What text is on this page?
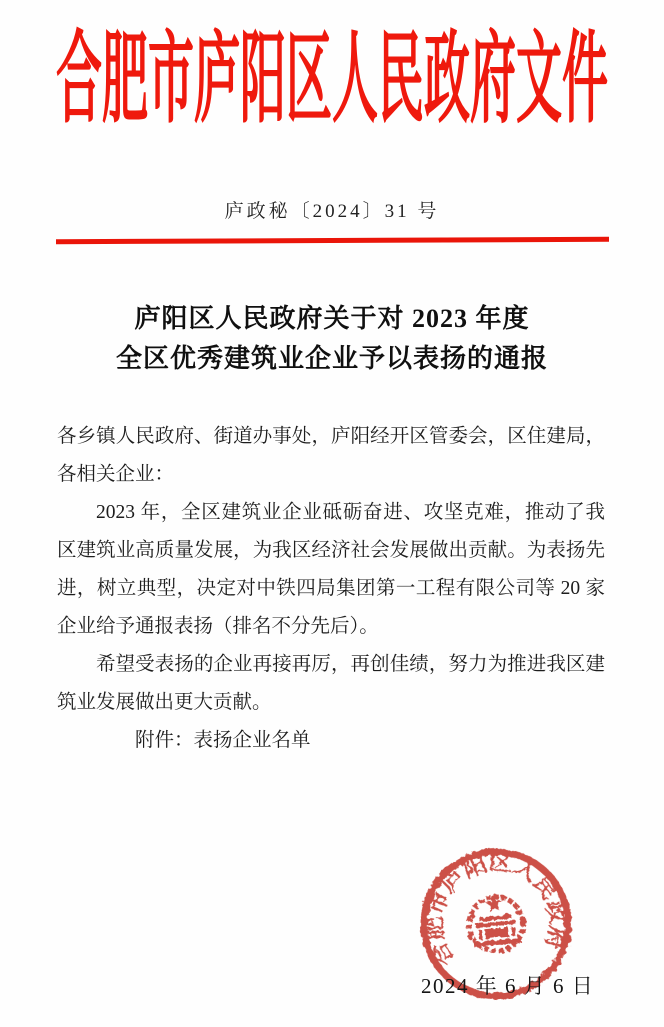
合肥市庐阳区人民政府文件
庐政秘〔2024〕31 号
庐阳区人民政府关于对 2023 年度
全区优秀建筑业企业予以表扬的通报

各乡镇人民政府、街道办事处，庐阳经开区管委会，区住建局，各相关企业：

2023 年，全区建筑业企业砥砺奋进、攻坚克难，推动了我区建筑业高质量发展，为我区经济社会发展做出贡献。为表扬先进，树立典型，决定对中铁四局集团第一工程有限公司等 20 家企业给予通报表扬（排名不分先后）。

希望受表扬的企业再接再厉，再创佳绩，努力为推进我区建筑业发展做出更大贡献。

附件：表扬企业名单

合肥市庐阳区人民政府
2024 年 6 月 6 日
